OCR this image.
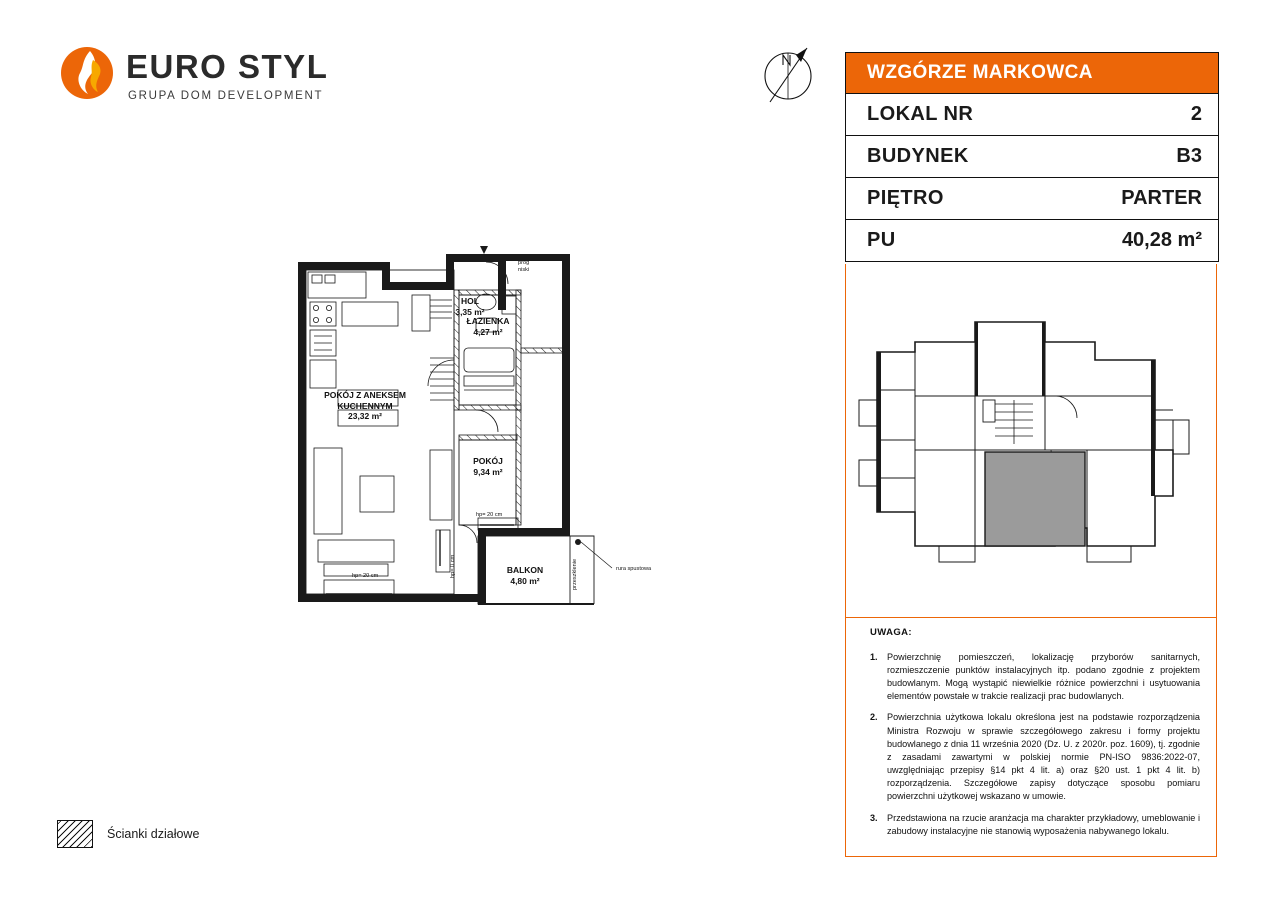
EURO STYL
GRUPA DOM DEVELOPMENT
WZGÓRZE MARKOWCA
LOKAL NR	2
BUDYNEK	B3
PIĘTRO	PARTER
PU	40,28 m²
UWAGA:
1.	Powierzchnię pomieszczeń, lokalizację przyborów sanitarnych, rozmieszczenie punktów instalacyjnych itp. podano zgodnie z projektem budowlanym. Mogą wystąpić niewielkie różnice powierzchni i usytuowania elementów powstałe w trakcie realizacji prac budowlanych.
2.	Powierzchnia użytkowa lokalu określona jest na podstawie rozporządzenia Ministra Rozwoju w sprawie szczegółowego zakresu i formy projektu budowlanego z dnia 11 września 2020 (Dz. U. z 2020r. poz. 1609), tj. zgodnie z zasadami zawartymi w polskiej normie PN-ISO 9836:2022-07, uwzględniając przepisy §14 pkt 4 lit. a) oraz §20 ust. 1 pkt 4 lit. b) rozporządzenia. Szczegółowe zapisy dotyczące sposobu pomiaru powierzchni użytkowej wskazano w umowie.
3.	Przedstawiona na rzucie aranżacja ma charakter przykładowy, umeblowanie i zabudowy instalacyjne nie stanowią wyposażenia nabywanego lokalu.
Ścianki działowe
HOL
3,35 m²
ŁAZIENKA
4,27 m²
POKÓJ Z ANEKSEM KUCHENNYM
23,32 m²
POKÓJ
9,34 m²
BALKON
4,80 m²
próg
niski
rura spustowa
przeszklenie
hp= 20 cm
hp= 20 cm
hp= 0 cm
